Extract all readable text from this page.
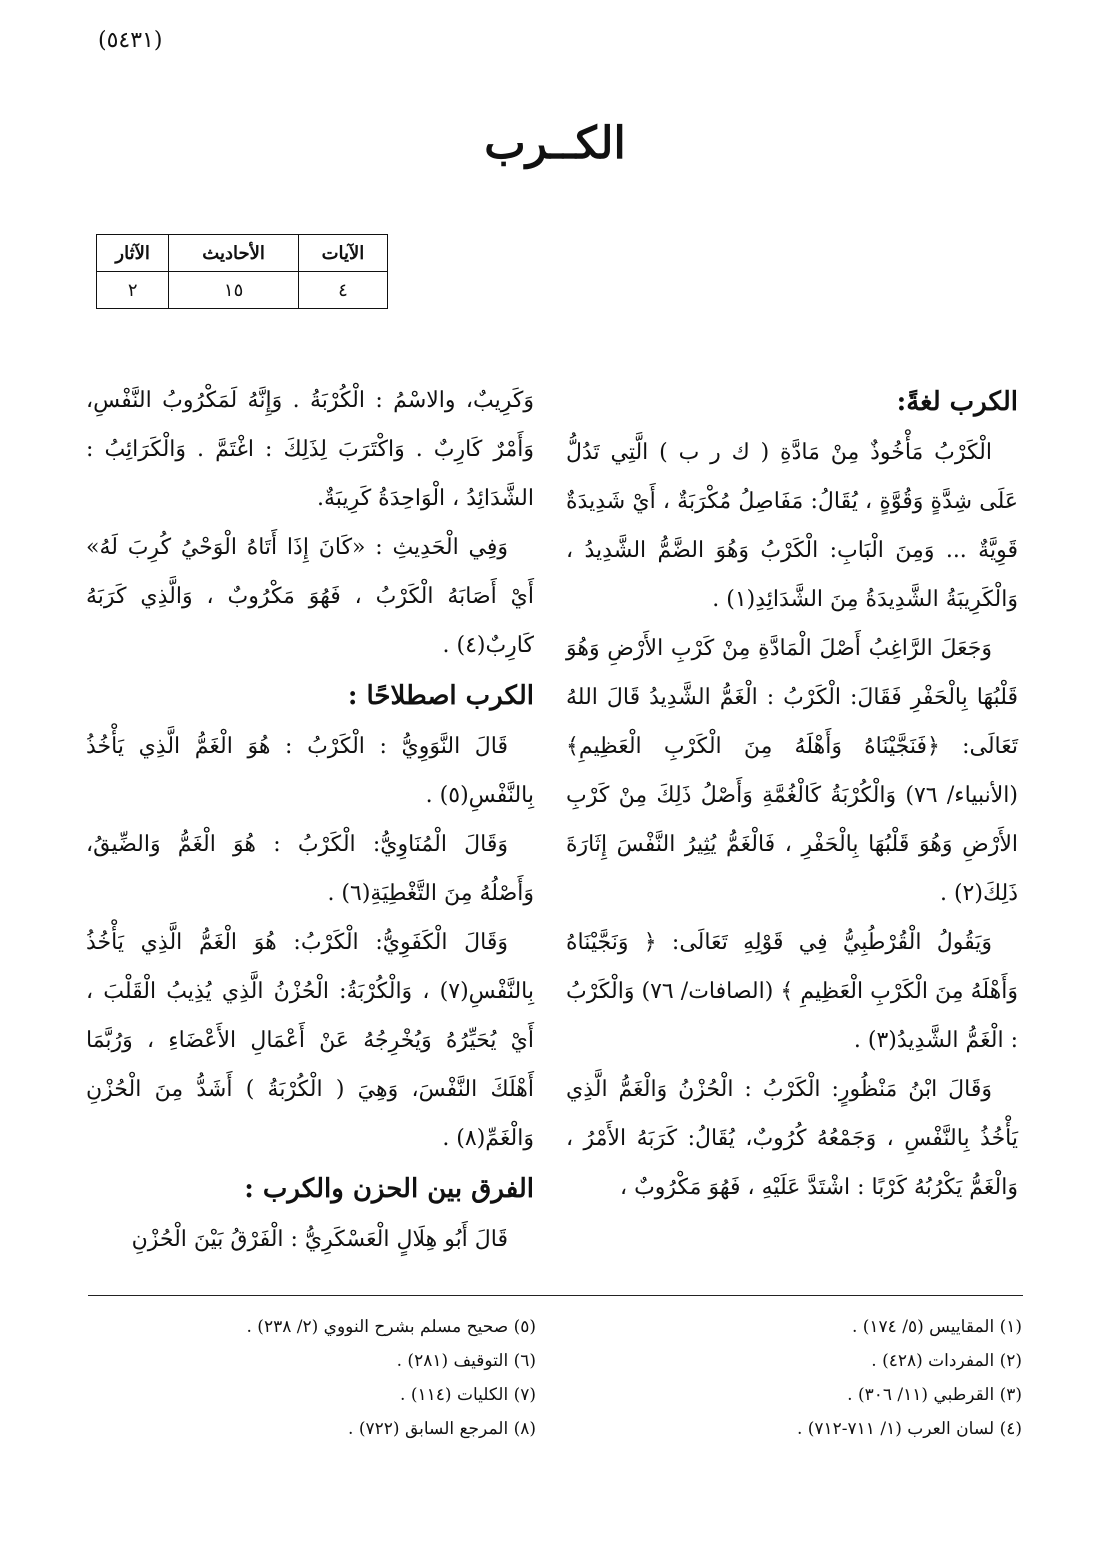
(٥٤٣١)
الكــرب
الآيات	الأحاديث	الآثار
٤	١٥	٢
الكرب لغةً:

الْكَرْبُ مَأْخُوذٌ مِنْ مَادَّةِ ( ك ر ب ) الَّتِي تَدُلُّ عَلَى شِدَّةٍ وَقُوَّةٍ ، يُقَالُ: مَفَاصِلُ مُكْرَبَةٌ ، أَيْ شَدِيدَةٌ قَوِيَّةٌ ... وَمِنَ الْبَابِ: الْكَرْبُ وَهُوَ الضَّمُّ الشَّدِيدُ ، وَالْكَرِيبَةُ الشَّدِيدَةُ مِنَ الشَّدَائِدِ(١) .

وَجَعَلَ الرَّاغِبُ أَصْلَ الْمَادَّةِ مِنْ كَرْبِ الأَرْضِ وَهُوَ قَلْبُهَا بِالْحَفْرِ فَقَالَ: الْكَرْبُ : الْغَمُّ الشَّدِيدُ قَالَ اللهُ تَعَالَى: ﴿فَنَجَّيْنَاهُ وَأَهْلَهُ مِنَ الْكَرْبِ الْعَظِيمِ﴾ (الأنبياء/ ٧٦) وَالْكُرْبَةُ كَالْغُمَّةِ وَأَصْلُ ذَلِكَ مِنْ كَرْبِ الأَرْضِ وَهُوَ قَلْبُهَا بِالْحَفْرِ ، فَالْغَمُّ يُثِيرُ النَّفْسَ إِثَارَةَ ذَلِكَ(٢) .

وَيَقُولُ الْقُرْطُبِيُّ فِي قَوْلِهِ تَعَالَى: ﴿ وَنَجَّيْنَاهُ وَأَهْلَهُ مِنَ الْكَرْبِ الْعَظِيمِ ﴾ (الصافات/ ٧٦) وَالْكَرْبُ : الْغَمُّ الشَّدِيدُ(٣) .

وَقَالَ ابْنُ مَنْظُورٍ: الْكَرْبُ : الْحُزْنُ وَالْغَمُّ الَّذِي يَأْخُذُ بِالنَّفْسِ ، وَجَمْعُهُ كُرُوبٌ، يُقَالُ: كَرَبَهُ الأَمْرُ ، وَالْغَمُّ يَكْرُبُهُ كَرْبًا : اشْتَدَّ عَلَيْهِ ، فَهُوَ مَكْرُوبٌ ،

وَكَرِيبٌ، والاسْمُ : الْكُرْبَةُ . وَإِنَّهُ لَمَكْرُوبُ النَّفْسِ، وَأَمْرٌ كَارِبٌ . وَاكْتَرَبَ لِذَلِكَ : اغْتَمَّ . وَالْكَرَائِبُ : الشَّدَائِدُ ، الْوَاحِدَةُ كَرِيبَةٌ.

وَفِي الْحَدِيثِ : «كَانَ إِذَا أَتَاهُ الْوَحْيُ كُرِبَ لَهُ» أَيْ أَصَابَهُ الْكَرْبُ ، فَهُوَ مَكْرُوبٌ ، وَالَّذِي كَرَبَهُ كَارِبٌ(٤) .

الكرب اصطلاحًا :

قَالَ النَّوَوِيُّ : الْكَرْبُ : هُوَ الْغَمُّ الَّذِي يَأْخُذُ بِالنَّفْسِ(٥) .

وَقَالَ الْمُنَاوِيُّ: الْكَرْبُ : هُوَ الْغَمُّ وَالضِّيقُ، وَأَصْلُهُ مِنَ التَّغْطِيَةِ(٦) .

وَقَالَ الْكَفَوِيُّ: الْكَرْبُ: هُوَ الْغَمُّ الَّذِي يَأْخُذُ بِالنَّفْسِ(٧) ، وَالْكُرْبَةُ: الْحُزْنُ الَّذِي يُذِيبُ الْقَلْبَ ، أَيْ يُحَيِّرُهُ وَيُخْرِجُهُ عَنْ أَعْمَالِ الأَعْضَاءِ ، وَرُبَّمَا أَهْلَكَ النَّفْسَ، وَهِيَ ( الْكُرْبَةُ ) أَشَدُّ مِنَ الْحُزْنِ وَالْغَمِّ(٨) .

الفرق بين الحزن والكرب :

قَالَ أَبُو هِلَالٍ الْعَسْكَرِيُّ : الْفَرْقُ بَيْنَ الْحُزْنِ

(١) المقاييس (٥/ ١٧٤) .
(٢) المفردات (٤٢٨) .
(٣) القرطبي (١١/ ٣٠٦) .
(٤) لسان العرب (١/ ٧١١-٧١٢) .
(٥) صحيح مسلم بشرح النووي (٢/ ٢٣٨) .
(٦) التوقيف (٢٨١) .
(٧) الكليات (١١٤) .
(٨) المرجع السابق (٧٢٢) .
